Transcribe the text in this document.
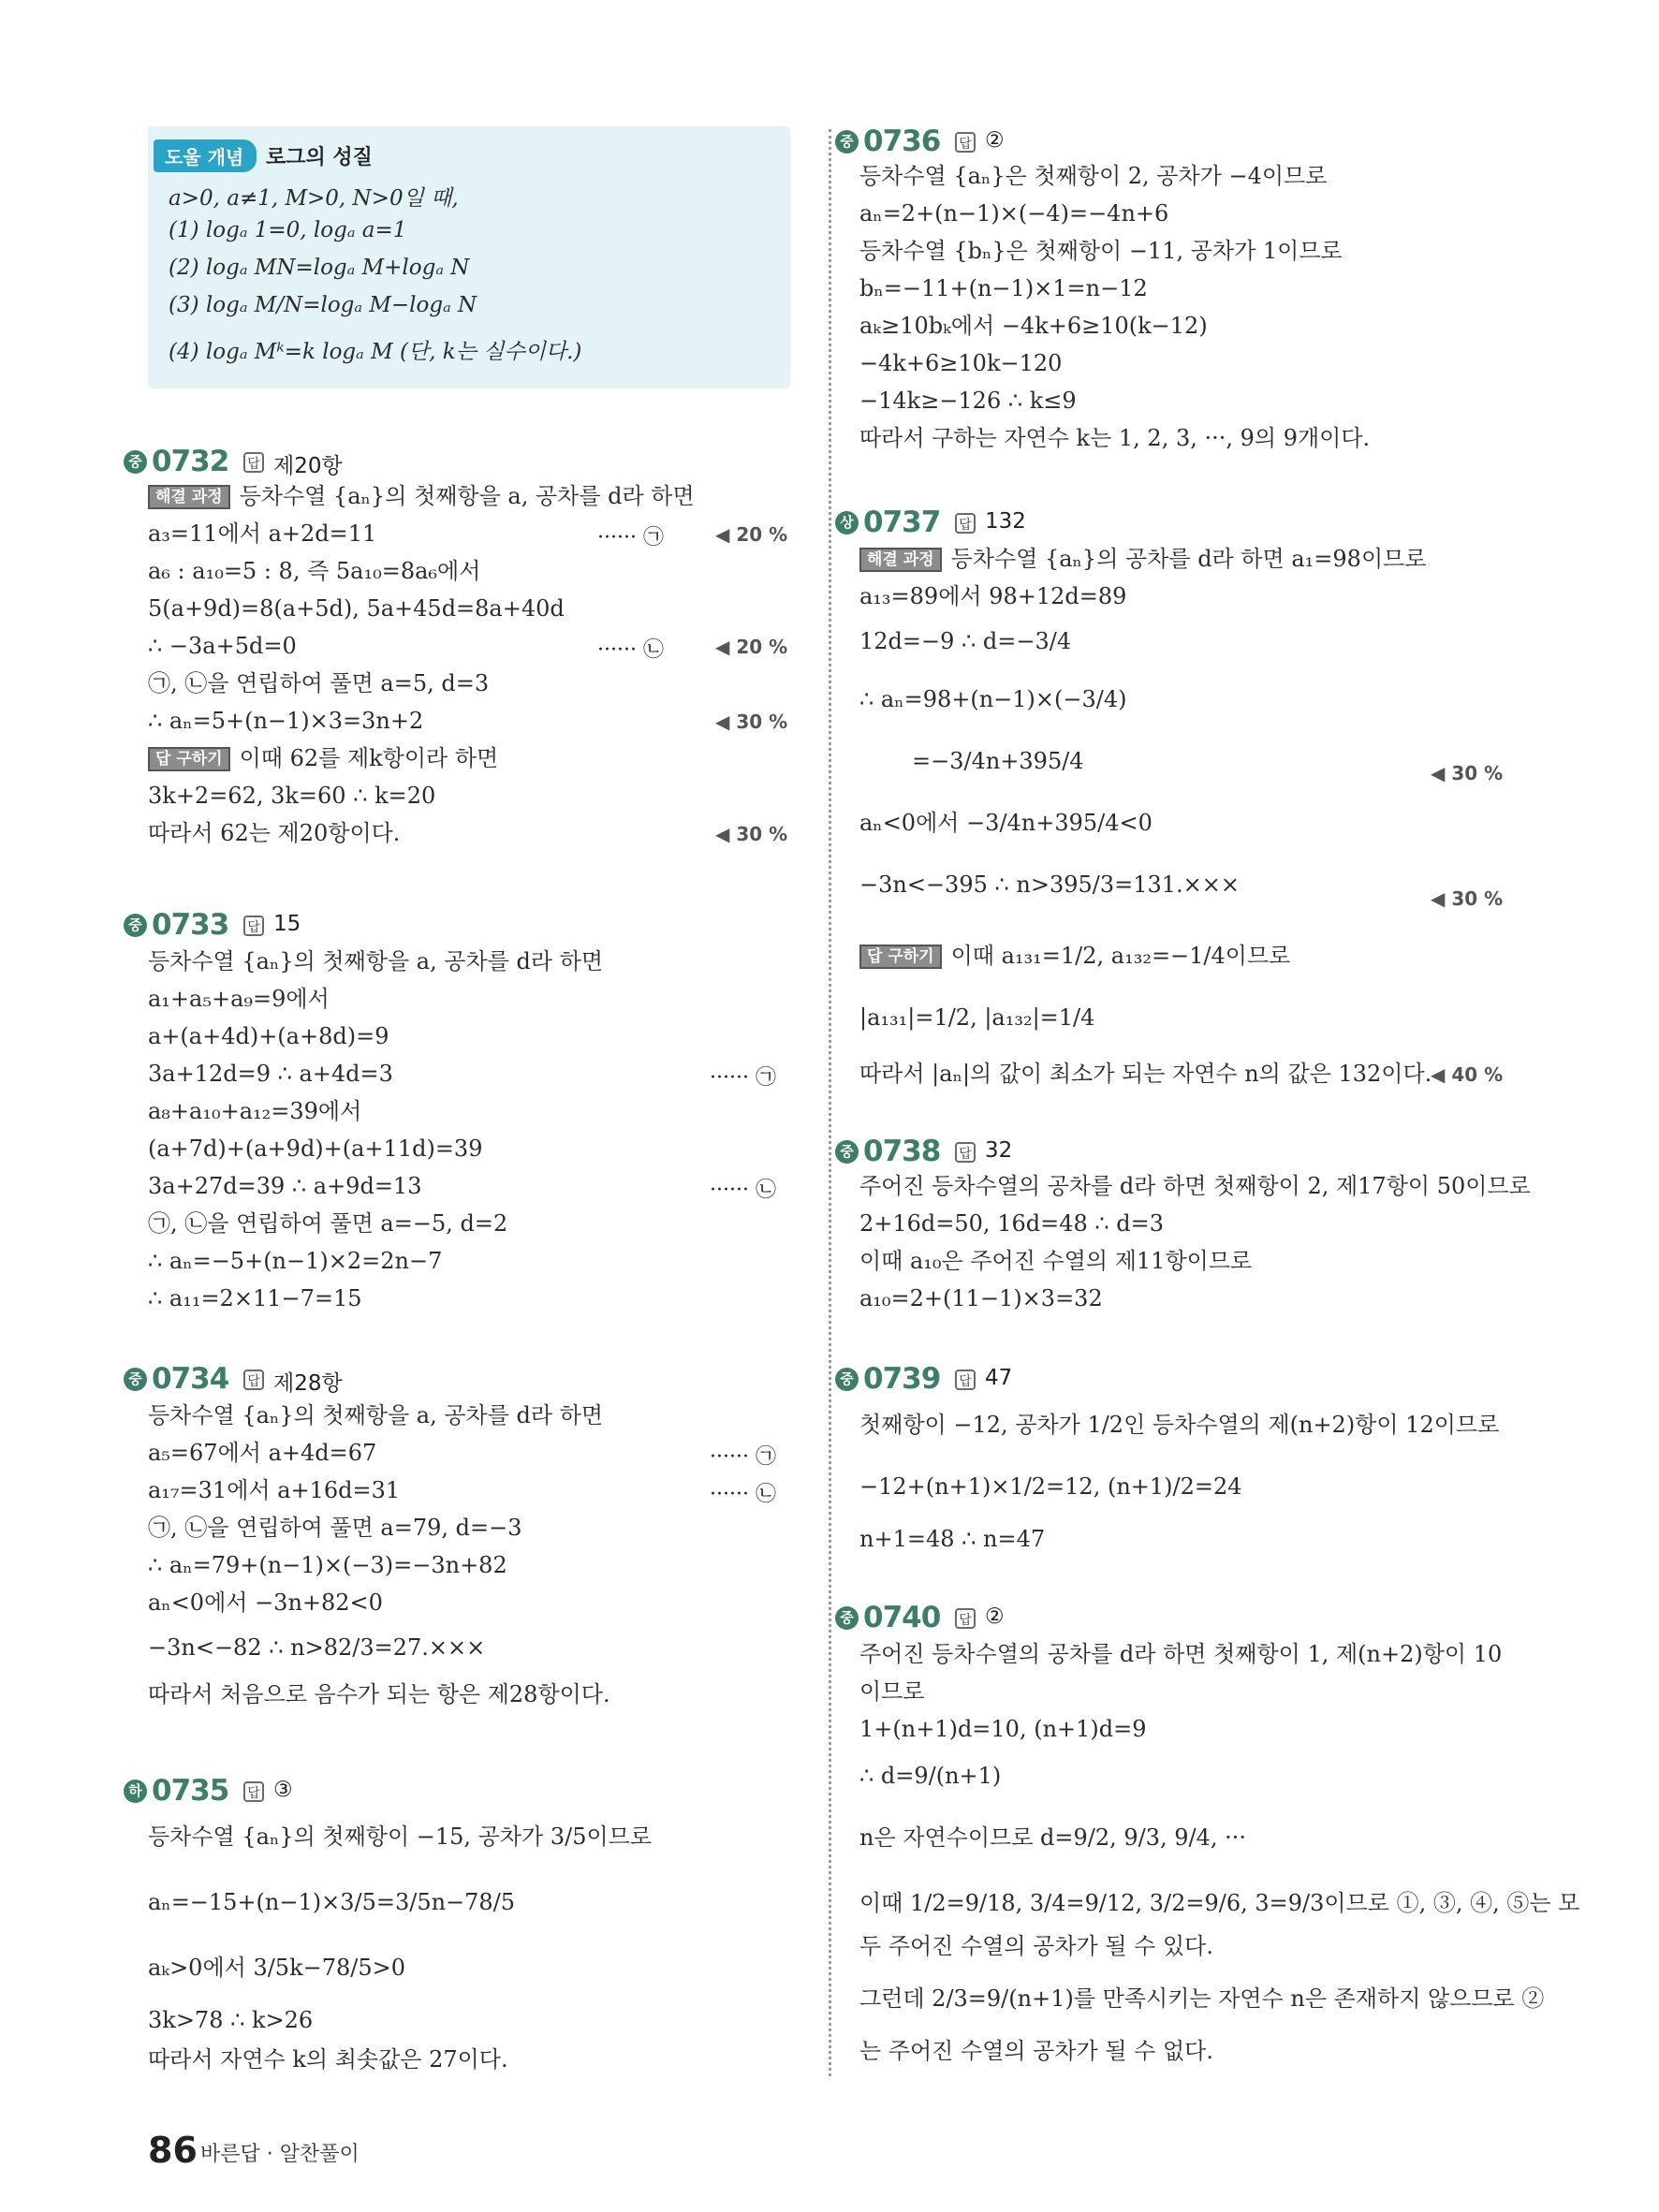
도울 개념	로그의 성질
a>0, a≠1, M>0, N>0일 때,
(1) logₐ 1=0, logₐ a=1
(2) logₐ MN=logₐ M+logₐ N
(3) logₐ M/N=logₐ M−logₐ N
(4) logₐ Mᵏ=k logₐ M (단, k는 실수이다.)
중 0732	답 제20항
해결 과정 등차수열 {aₙ}의 첫째항을 a, 공차를 d라 하면
a₃=11에서 a+2d=11
a₆ : a₁₀=5 : 8, 즉 5a₁₀=8a₆에서
5(a+9d)=8(a+5d), 5a+45d=8a+40d
∴ −3a+5d=0
㉠, ㉡을 연립하여 풀면 a=5, d=3
∴ aₙ=5+(n−1)×3=3n+2
답 구하기 이때 62를 제k항이라 하면
3k+2=62, 3k=60 ∴ k=20
따라서 62는 제20항이다.
······ ㉠
······ ㉡
◀ 20 %
◀ 20 %
◀ 30 %
◀ 30 %
중 0733	답 15
등차수열 {aₙ}의 첫째항을 a, 공차를 d라 하면
a₁+a₅+a₉=9에서
a+(a+4d)+(a+8d)=9
3a+12d=9 ∴ a+4d=3
a₈+a₁₀+a₁₂=39에서
(a+7d)+(a+9d)+(a+11d)=39
3a+27d=39 ∴ a+9d=13
㉠, ㉡을 연립하여 풀면 a=−5, d=2
∴ aₙ=−5+(n−1)×2=2n−7
∴ a₁₁=2×11−7=15
······ ㉠
······ ㉡
중 0734	답 제28항
등차수열 {aₙ}의 첫째항을 a, 공차를 d라 하면
a₅=67에서 a+4d=67
a₁₇=31에서 a+16d=31
㉠, ㉡을 연립하여 풀면 a=79, d=−3
∴ aₙ=79+(n−1)×(−3)=−3n+82
aₙ<0에서 −3n+82<0
−3n<−82 ∴ n>82/3=27.×××
따라서 처음으로 음수가 되는 항은 제28항이다.
······ ㉠
······ ㉡
하 0735	답 ③
등차수열 {aₙ}의 첫째항이 −15, 공차가 3/5이므로
aₙ=−15+(n−1)×3/5=3/5n−78/5
aₖ>0에서 3/5k−78/5>0
3k>78 ∴ k>26
따라서 자연수 k의 최솟값은 27이다.
중 0736	답 ②
등차수열 {aₙ}은 첫째항이 2, 공차가 −4이므로
aₙ=2+(n−1)×(−4)=−4n+6
등차수열 {bₙ}은 첫째항이 −11, 공차가 1이므로
bₙ=−11+(n−1)×1=n−12
aₖ≥10bₖ에서 −4k+6≥10(k−12)
−4k+6≥10k−120
−14k≥−126 ∴ k≤9
따라서 구하는 자연수 k는 1, 2, 3, ···, 9의 9개이다.
상 0737	답 132
해결 과정 등차수열 {aₙ}의 공차를 d라 하면 a₁=98이므로
a₁₃=89에서 98+12d=89
12d=−9 ∴ d=−3/4
∴ aₙ=98+(n−1)×(−3/4)
=−3/4n+395/4
aₙ<0에서 −3/4n+395/4<0
−3n<−395 ∴ n>395/3=131.×××
답 구하기 이때 a₁₃₁=1/2, a₁₃₂=−1/4이므로
|a₁₃₁|=1/2, |a₁₃₂|=1/4
따라서 |aₙ|의 값이 최소가 되는 자연수 n의 값은 132이다.
◀ 30 %
◀ 30 %
◀ 40 %
중 0738	답 32
주어진 등차수열의 공차를 d라 하면 첫째항이 2, 제17항이 50이므로
2+16d=50, 16d=48 ∴ d=3
이때 a₁₀은 주어진 수열의 제11항이므로
a₁₀=2+(11−1)×3=32
중 0739	답 47
첫째항이 −12, 공차가 1/2인 등차수열의 제(n+2)항이 12이므로
−12+(n+1)×1/2=12, (n+1)/2=24
n+1=48 ∴ n=47
중 0740	답 ②
주어진 등차수열의 공차를 d라 하면 첫째항이 1, 제(n+2)항이 10
이므로
1+(n+1)d=10, (n+1)d=9
∴ d=9/(n+1)
n은 자연수이므로 d=9/2, 9/3, 9/4, ···
이때 1/2=9/18, 3/4=9/12, 3/2=9/6, 3=9/3이므로 ①, ③, ④, ⑤는 모
두 주어진 수열의 공차가 될 수 있다.
그런데 2/3=9/(n+1)를 만족시키는 자연수 n은 존재하지 않으므로 ②
는 주어진 수열의 공차가 될 수 없다.
86 바른답 · 알찬풀이
